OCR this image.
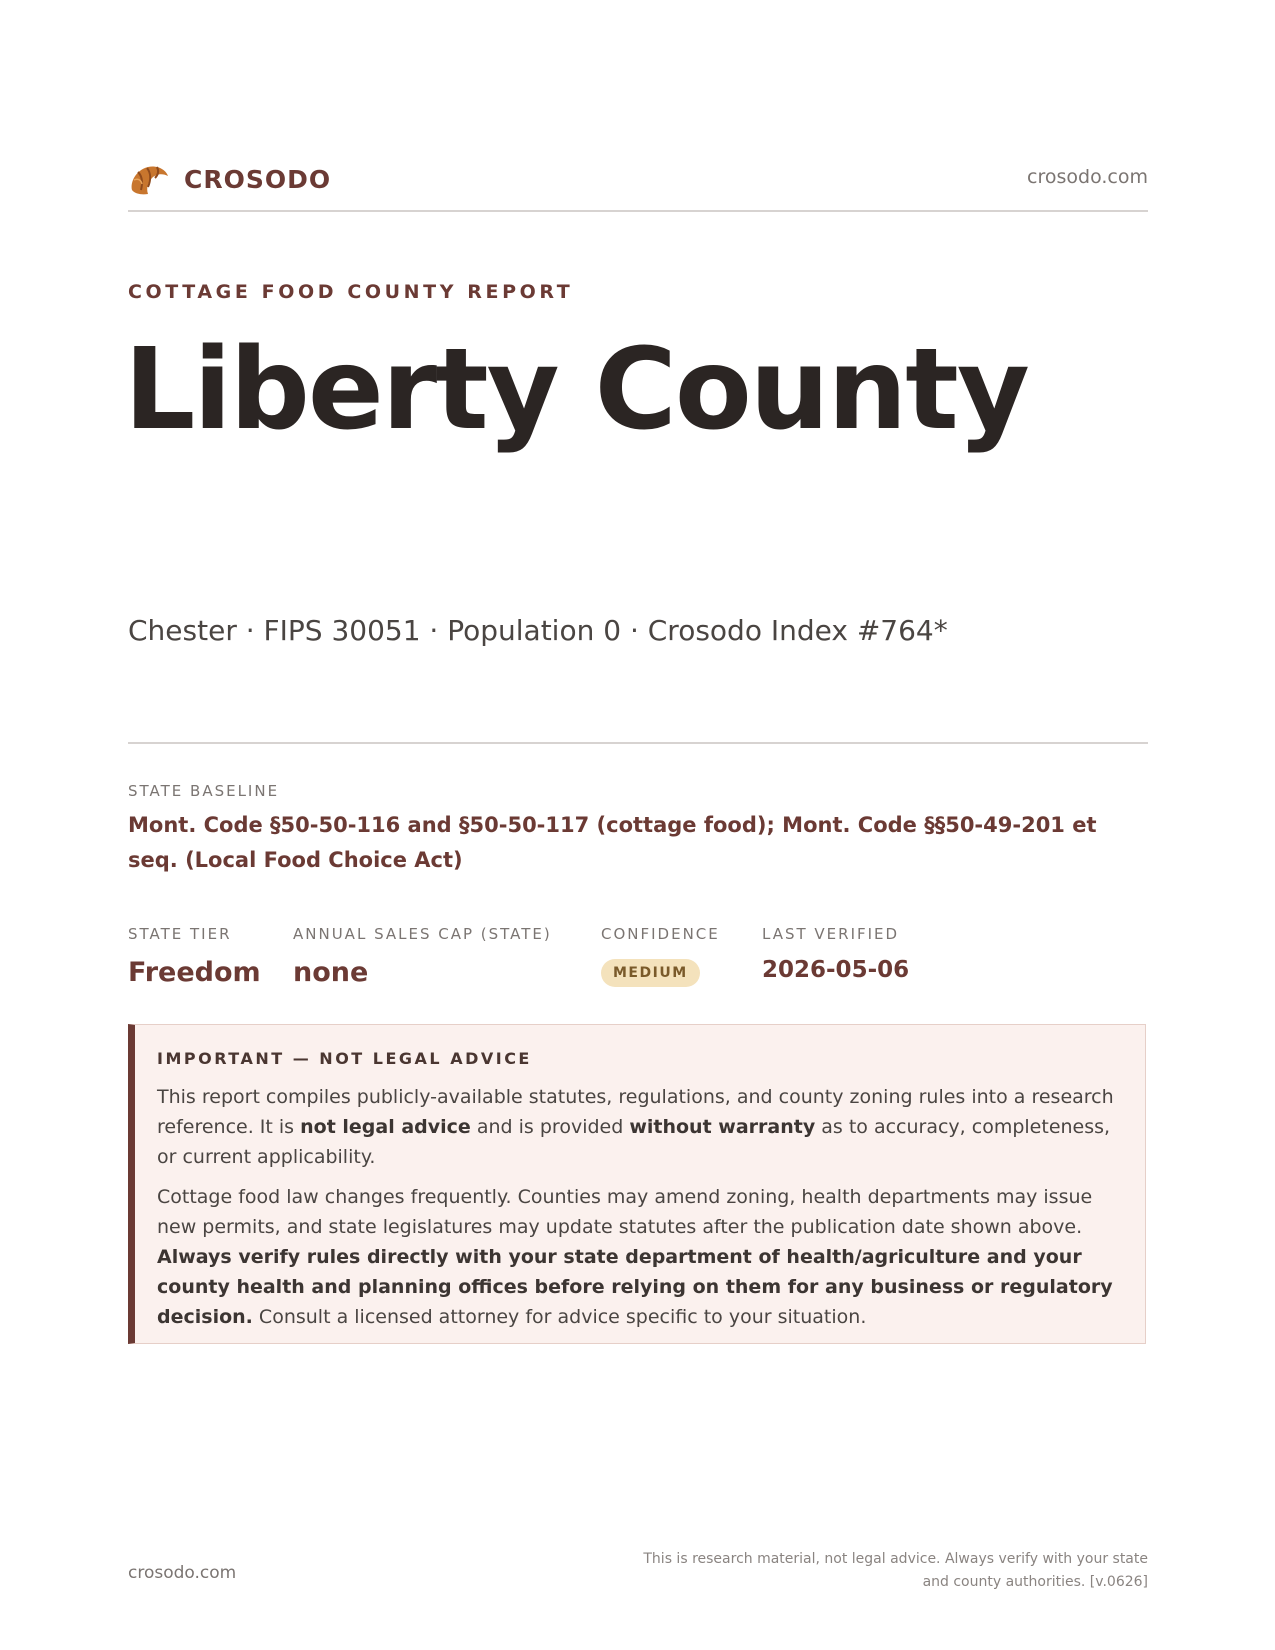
CROSODO	crosodo.com
COTTAGE FOOD COUNTY REPORT
Liberty County
Chester · FIPS 30051 · Population 0 · Crosodo Index #764*
STATE BASELINE
Mont. Code §50-50-116 and §50-50-117 (cottage food); Mont. Code §§50-49-201 et seq. (Local Food Choice Act)
STATE TIER
Freedom
ANNUAL SALES CAP (STATE)
none
CONFIDENCE
MEDIUM
LAST VERIFIED
2026-05-06
IMPORTANT — NOT LEGAL ADVICE

This report compiles publicly-available statutes, regulations, and county zoning rules into a research reference. It is not legal advice and is provided without warranty as to accuracy, completeness, or current applicability.

Cottage food law changes frequently. Counties may amend zoning, health departments may issue new permits, and state legislatures may update statutes after the publication date shown above. Always verify rules directly with your state department of health/agriculture and your county health and planning offices before relying on them for any business or regulatory decision. Consult a licensed attorney for advice specific to your situation.

crosodo.com
This is research material, not legal advice. Always verify with your state
and county authorities. [v.0626]
